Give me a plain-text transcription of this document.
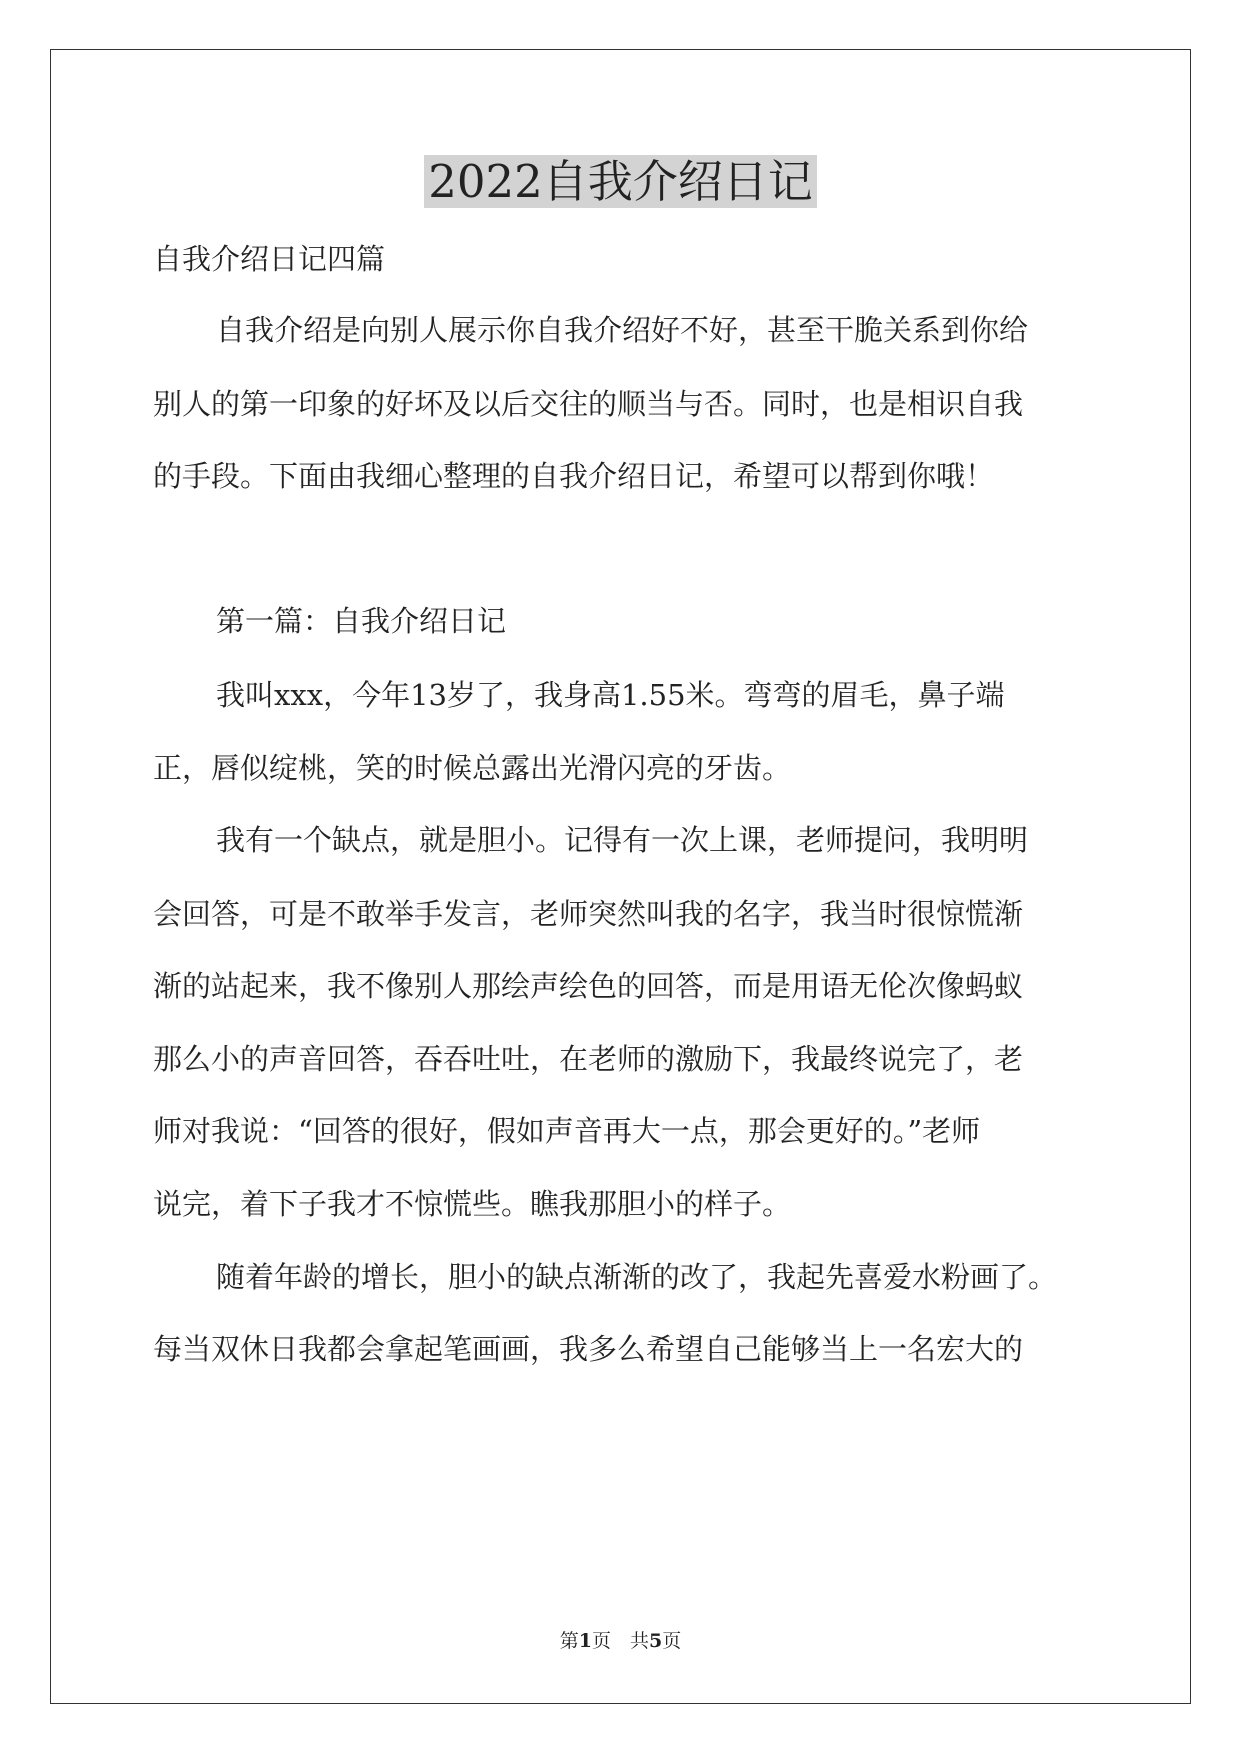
2022自我介绍日记
自我介绍日记四篇
自我介绍是向别人展示你自我介绍好不好，甚至干脆关系到你给
别人的第一印象的好坏及以后交往的顺当与否。同时，也是相识自我
的手段。下面由我细心整理的自我介绍日记，希望可以帮到你哦！
第一篇：自我介绍日记
我叫xxx，今年13岁了，我身高1.55米。弯弯的眉毛，鼻子端
正，唇似绽桃，笑的时候总露出光滑闪亮的牙齿。
我有一个缺点，就是胆小。记得有一次上课，老师提问，我明明
会回答，可是不敢举手发言，老师突然叫我的名字，我当时很惊慌渐
渐的站起来，我不像别人那绘声绘色的回答，而是用语无伦次像蚂蚁
那么小的声音回答，吞吞吐吐，在老师的激励下，我最终说完了，老
师对我说：“回答的很好，假如声音再大一点，那会更好的。”老师
说完，着下子我才不惊慌些。瞧我那胆小的样子。
随着年龄的增长，胆小的缺点渐渐的改了，我起先喜爱水粉画了。
每当双休日我都会拿起笔画画，我多么希望自己能够当上一名宏大的
第1页　共5页
